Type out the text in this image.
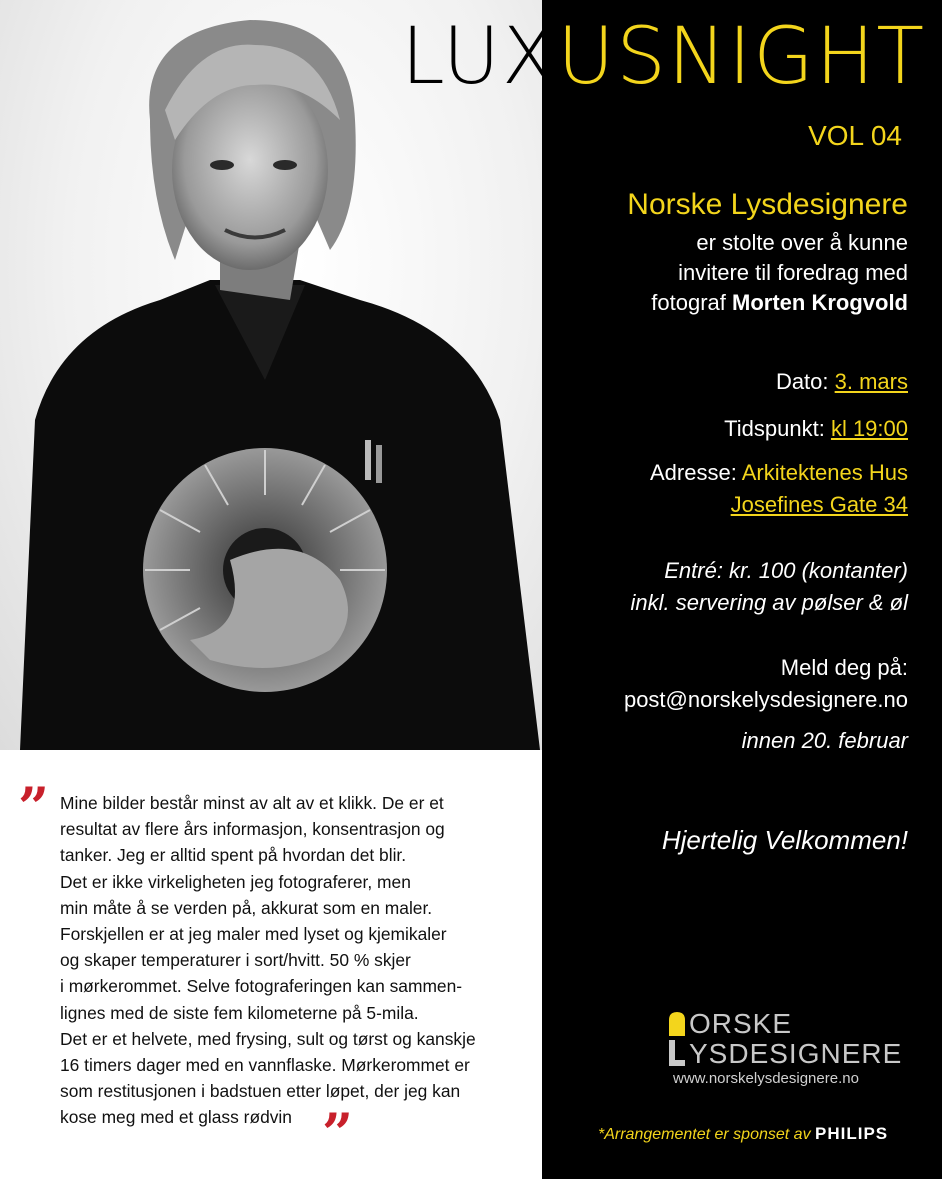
LUXUSNIGHT
VOL 04
Norske Lysdesignere
er stolte over å kunne
invitere til foredrag med
fotograf Morten Krogvold
Dato: 3. mars
Tidspunkt: kl 19:00
Adresse: Arkitektenes Hus
Josefines Gate 34
Entré: kr. 100 (kontanter)
inkl. servering av pølser & øl
Meld deg på:
post@norskelysdesignere.no
innen 20. februar
Hjertelig Velkommen!
ORSKE
YSDESIGNERE
www.norskelysdesignere.no
*Arrangementet er sponset av PHILIPS
” Mine bilder består minst av alt av et klikk. De er et
resultat av flere års informasjon, konsentrasjon og
tanker. Jeg er alltid spent på hvordan det blir.
Det er ikke virkeligheten jeg fotograferer, men
min måte å se verden på, akkurat som en maler.
Forskjellen er at jeg maler med lyset og kjemikaler
og skaper temperaturer i sort/hvitt. 50 % skjer
i mørkerommet. Selve fotograferingen kan sammen-
lignes med de siste fem kilometerne på 5-mila.
Det er et helvete, med frysing, sult og tørst og kanskje
16 timers dager med en vannflaske. Mørkerommet er
som restitusjonen i badstuen etter løpet, der jeg kan
kose meg med et glass rødvin ”
